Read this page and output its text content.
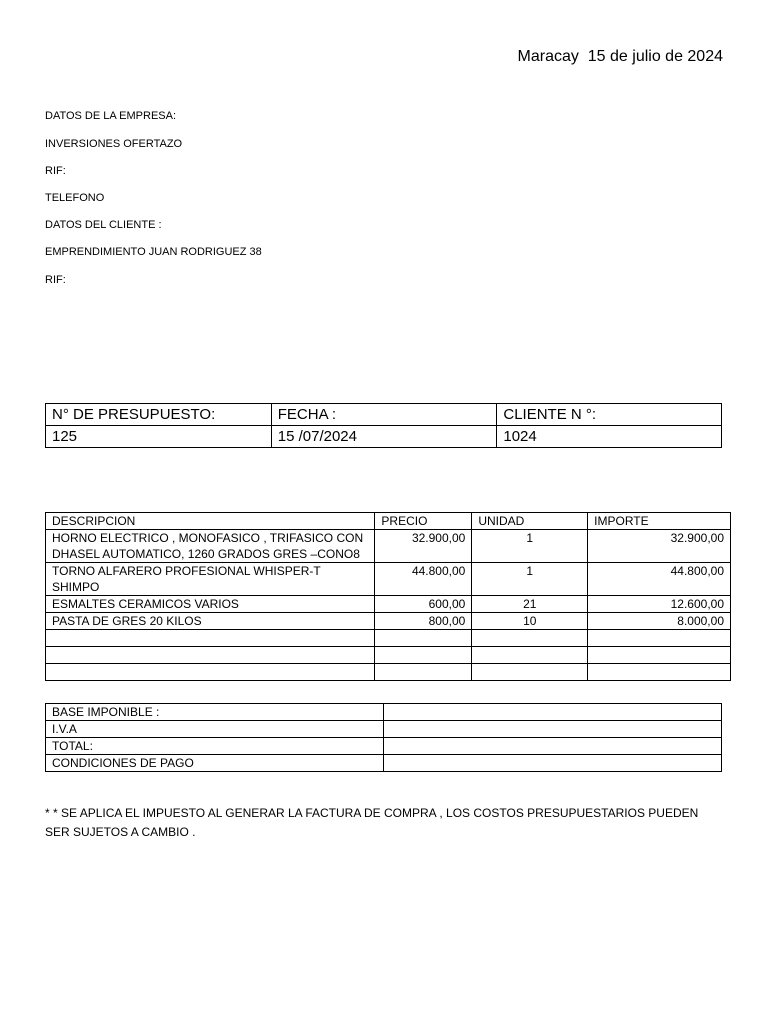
Maracay  15 de julio de 2024
DATOS DE LA EMPRESA:
INVERSIONES OFERTAZO
RIF:
TELEFONO
DATOS DEL CLIENTE :
EMPRENDIMIENTO JUAN RODRIGUEZ 38
RIF:
N° DE PRESUPUESTO:	FECHA :	CLIENTE N °:
125	15 /07/2024	1024
DESCRIPCION	PRECIO	UNIDAD	IMPORTE
HORNO ELECTRICO , MONOFASICO , TRIFASICO CON DHASEL AUTOMATICO, 1260 GRADOS GRES –CONO8	32.900,00	1	32.900,00
TORNO ALFARERO PROFESIONAL WHISPER-T SHIMPO	44.800,00	1	44.800,00
ESMALTES CERAMICOS VARIOS	600,00	21	12.600,00
PASTA DE GRES 20 KILOS	800,00	10	8.000,00

BASE IMPONIBLE :	
I.V.A	
TOTAL:	
CONDICIONES DE PAGO	
* * SE APLICA EL IMPUESTO AL GENERAR LA FACTURA DE COMPRA , LOS COSTOS PRESUPUESTARIOS PUEDEN SER SUJETOS A CAMBIO .
